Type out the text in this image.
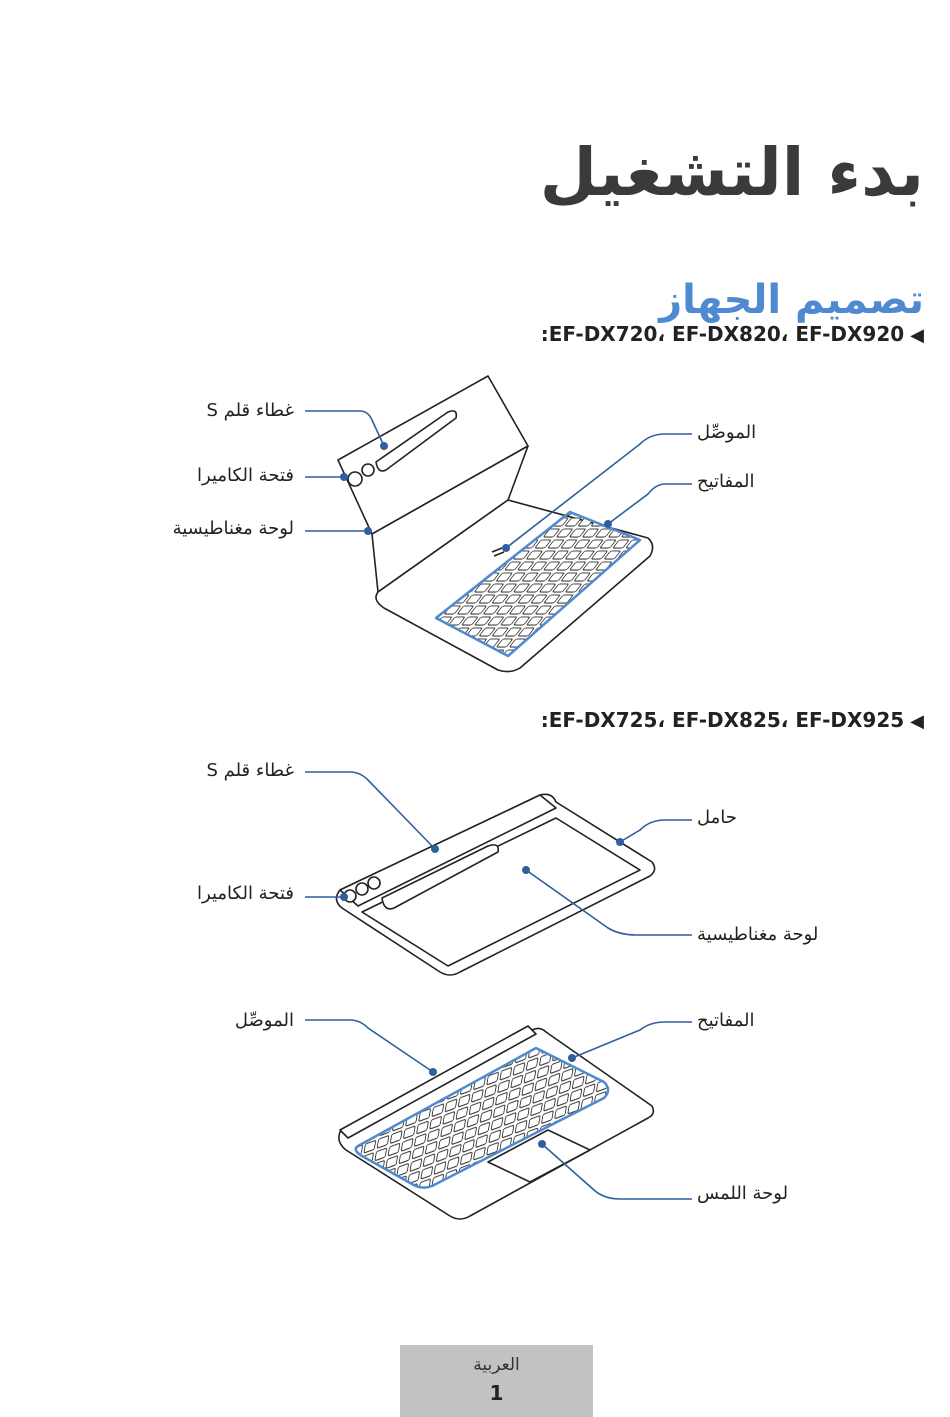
بدء التشغيل
تصميم الجهاز
◀EF-DX720، EF-DX820، EF-DX920:
◀EF-DX725، EF-DX825، EF-DX925:
غطاء قلم S
فتحة الكاميرا
لوحة مغناطيسية
الموصِّل
المفاتيح
غطاء قلم S
فتحة الكاميرا
حامل
لوحة مغناطيسية
الموصِّل	المفاتيح
لوحة اللمس
العربية
1
